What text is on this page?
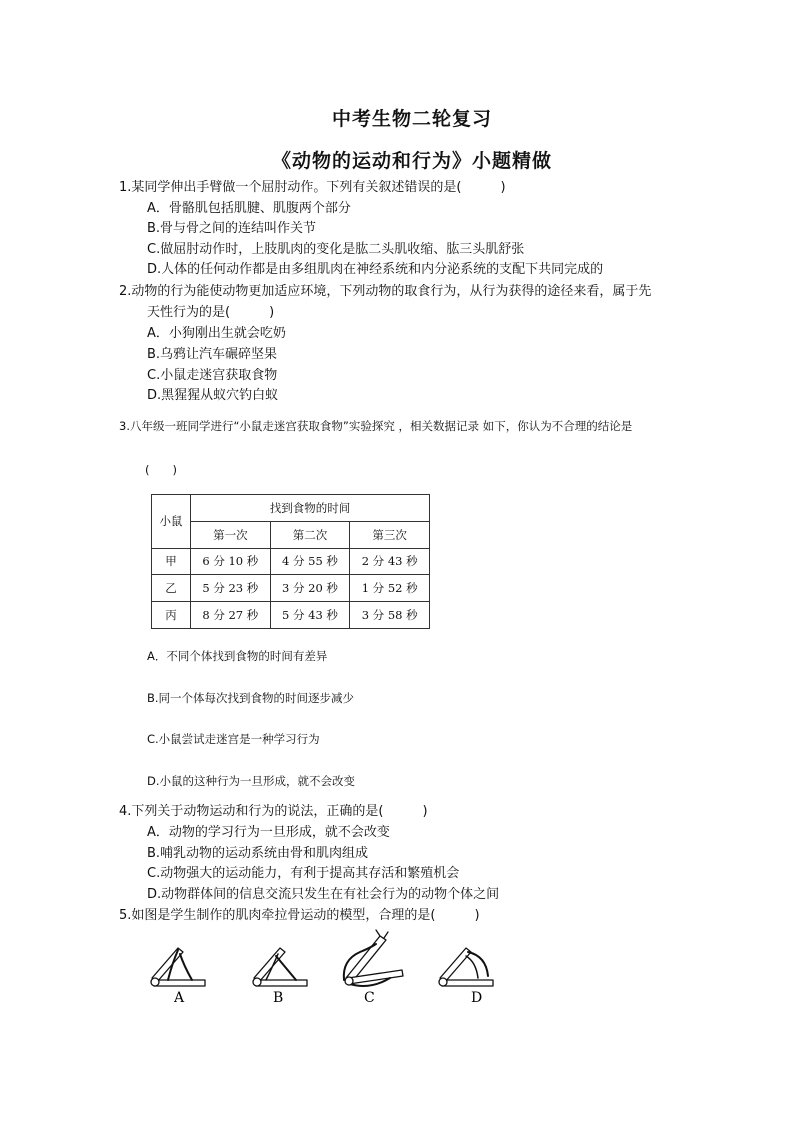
中考生物二轮复习
《动物的运动和行为》小题精做
1.某同学伸出手臂做一个屈肘动作。下列有关叙述错误的是(　　　)
A．骨骼肌包括肌腱、肌腹两个部分
B.骨与骨之间的连结叫作关节
C.做屈肘动作时，上肢肌肉的变化是肱二头肌收缩、肱三头肌舒张
D.人体的任何动作都是由多组肌肉在神经系统和内分泌系统的支配下共同完成的
2.动物的行为能使动物更加适应环境，下列动物的取食行为，从行为获得的途径来看，属于先
天性行为的是(　　　)
A．小狗刚出生就会吃奶
B.乌鸦让汽车碾碎坚果
C.小鼠走迷宫获取食物
D.黑猩猩从蚁穴钓白蚁
3.八年级一班同学进行“小鼠走迷宫获取食物”实验探究 ，相关数据记录 如下，你认为不合理的结论是
(　　)
小鼠	找到食物的时间		
	第一次	第二次	第三次
甲	6 分 10 秒	4 分 55 秒	2 分 43 秒
乙	5 分 23 秒	3 分 20 秒	1 分 52 秒
丙	8 分 27 秒	5 分 43 秒	3 分 58 秒
A．不同个体找到食物的时间有差异
B.同一个体每次找到食物的时间逐步减少
C.小鼠尝试走迷宫是一种学习行为
D.小鼠的这种行为一旦形成，就不会改变
4.下列关于动物运动和行为的说法，正确的是(　　　)
A．动物的学习行为一旦形成，就不会改变
B.哺乳动物的运动系统由骨和肌肉组成
C.动物强大的运动能力，有利于提高其存活和繁殖机会
D.动物群体间的信息交流只发生在有社会行为的动物个体之间
5.如图是学生制作的肌肉牵拉骨运动的模型，合理的是(　　　)
A	B	C	D
